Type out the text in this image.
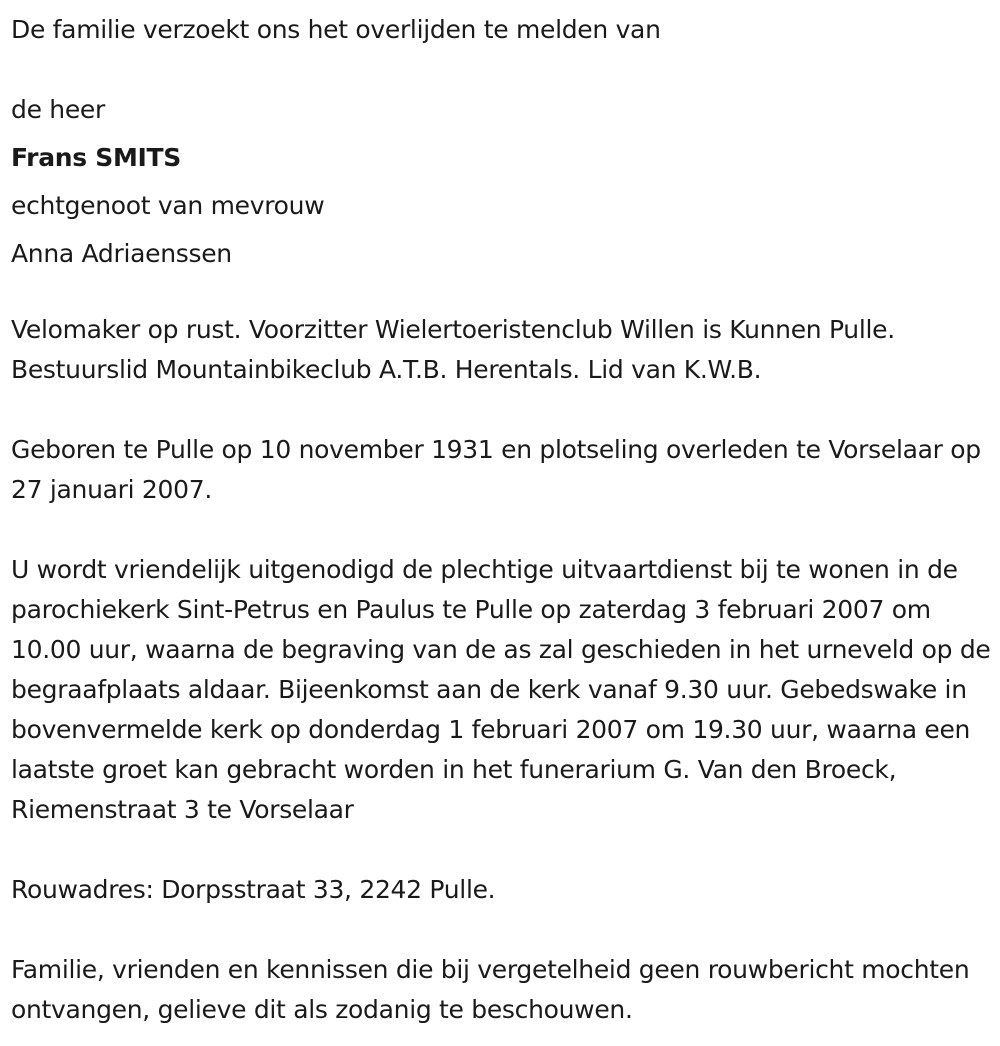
De familie verzoekt ons het overlijden te melden van

de heer

Frans SMITS

echtgenoot van mevrouw

Anna Adriaenssen

Velomaker op rust. Voorzitter Wielertoeristenclub Willen is Kunnen Pulle. Bestuurslid Mountainbikeclub A.T.B. Herentals. Lid van K.W.B.

Geboren te Pulle op 10 november 1931 en plotseling overleden te Vorselaar op 27 januari 2007.

U wordt vriendelijk uitgenodigd de plechtige uitvaartdienst bij te wonen in de parochiekerk Sint-Petrus en Paulus te Pulle op zaterdag 3 februari 2007 om 10.00 uur, waarna de begraving van de as zal geschieden in het urneveld op de begraafplaats aldaar. Bijeenkomst aan de kerk vanaf 9.30 uur. Gebedswake in bovenvermelde kerk op donderdag 1 februari 2007 om 19.30 uur, waarna een laatste groet kan gebracht worden in het funerarium G. Van den Broeck, Riemenstraat 3 te Vorselaar

Rouwadres: Dorpsstraat 33, 2242 Pulle.

Familie, vrienden en kennissen die bij vergetelheid geen rouwbericht mochten ontvangen, gelieve dit als zodanig te beschouwen.
